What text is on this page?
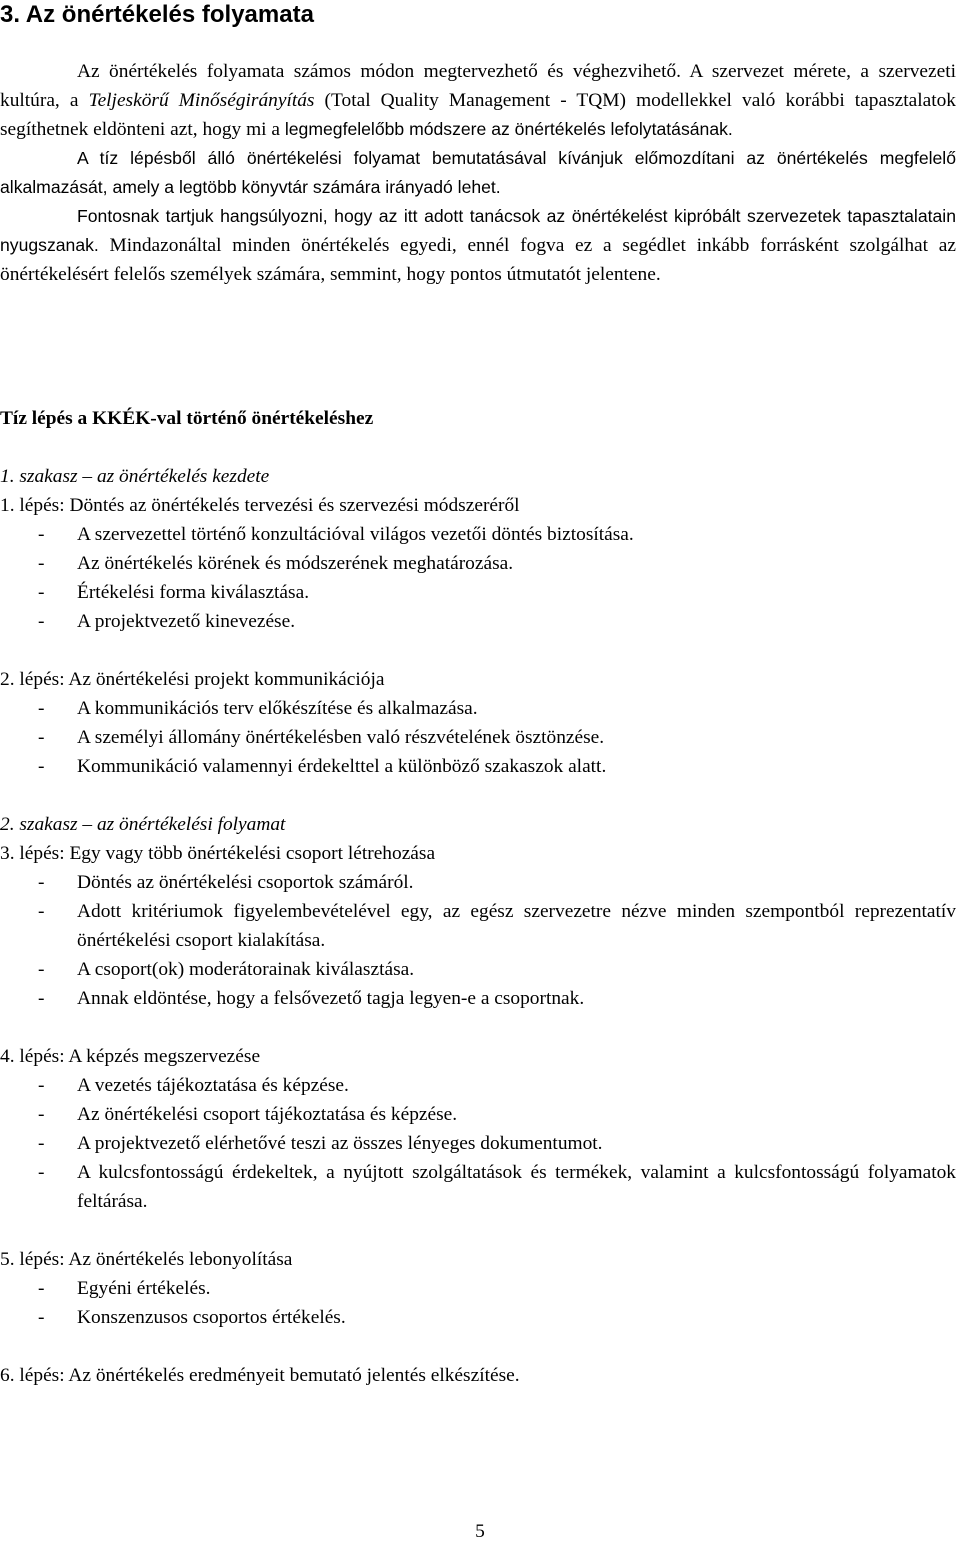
3. Az önértékelés folyamata

Az önértékelés folyamata számos módon megtervezhető és véghezvihető. A szervezet mérete, a szervezeti kultúra, a Teljeskörű Minőségirányítás (Total Quality Management - TQM) modellekkel való korábbi tapasztalatok segíthetnek eldönteni azt, hogy mi a legmegfelelőbb módszere az önértékelés lefolytatásának.

A tíz lépésből álló önértékelési folyamat bemutatásával kívánjuk előmozdítani az önértékelés megfelelő alkalmazását, amely a legtöbb könyvtár számára irányadó lehet.

Fontosnak tartjuk hangsúlyozni, hogy az itt adott tanácsok az önértékelést kipróbált szervezetek tapasztalatain nyugszanak. Mindazonáltal minden önértékelés egyedi, ennél fogva ez a segédlet inkább forrásként szolgálhat az önértékelésért felelős személyek számára, semmint, hogy pontos útmutatót jelentene.

Tíz lépés a KKÉK-val történő önértékeléshez

1. szakasz – az önértékelés kezdete

1. lépés: Döntés az önértékelés tervezési és szervezési módszeréről

- A szervezettel történő konzultációval világos vezetői döntés biztosítása.
- Az önértékelés körének és módszerének meghatározása.
- Értékelési forma kiválasztása.
- A projektvezető kinevezése.

2. lépés: Az önértékelési projekt kommunikációja

- A kommunikációs terv előkészítése és alkalmazása.
- A személyi állomány önértékelésben való részvételének ösztönzése.
- Kommunikáció valamennyi érdekelttel a különböző szakaszok alatt.

2. szakasz – az önértékelési folyamat

3. lépés: Egy vagy több önértékelési csoport létrehozása

- Döntés az önértékelési csoportok számáról.
- Adott kritériumok figyelembevételével egy, az egész szervezetre nézve minden szempontból reprezentatív önértékelési csoport kialakítása.
- A csoport(ok) moderátorainak kiválasztása.
- Annak eldöntése, hogy a felsővezető tagja legyen-e a csoportnak.

4. lépés: A képzés megszervezése

- A vezetés tájékoztatása és képzése.
- Az önértékelési csoport tájékoztatása és képzése.
- A projektvezető elérhetővé teszi az összes lényeges dokumentumot.
- A kulcsfontosságú érdekeltek, a nyújtott szolgáltatások és termékek, valamint a kulcsfontosságú folyamatok feltárása.

5. lépés: Az önértékelés lebonyolítása

- Egyéni értékelés.
- Konszenzusos csoportos értékelés.

6. lépés: Az önértékelés eredményeit bemutató jelentés elkészítése.

5
